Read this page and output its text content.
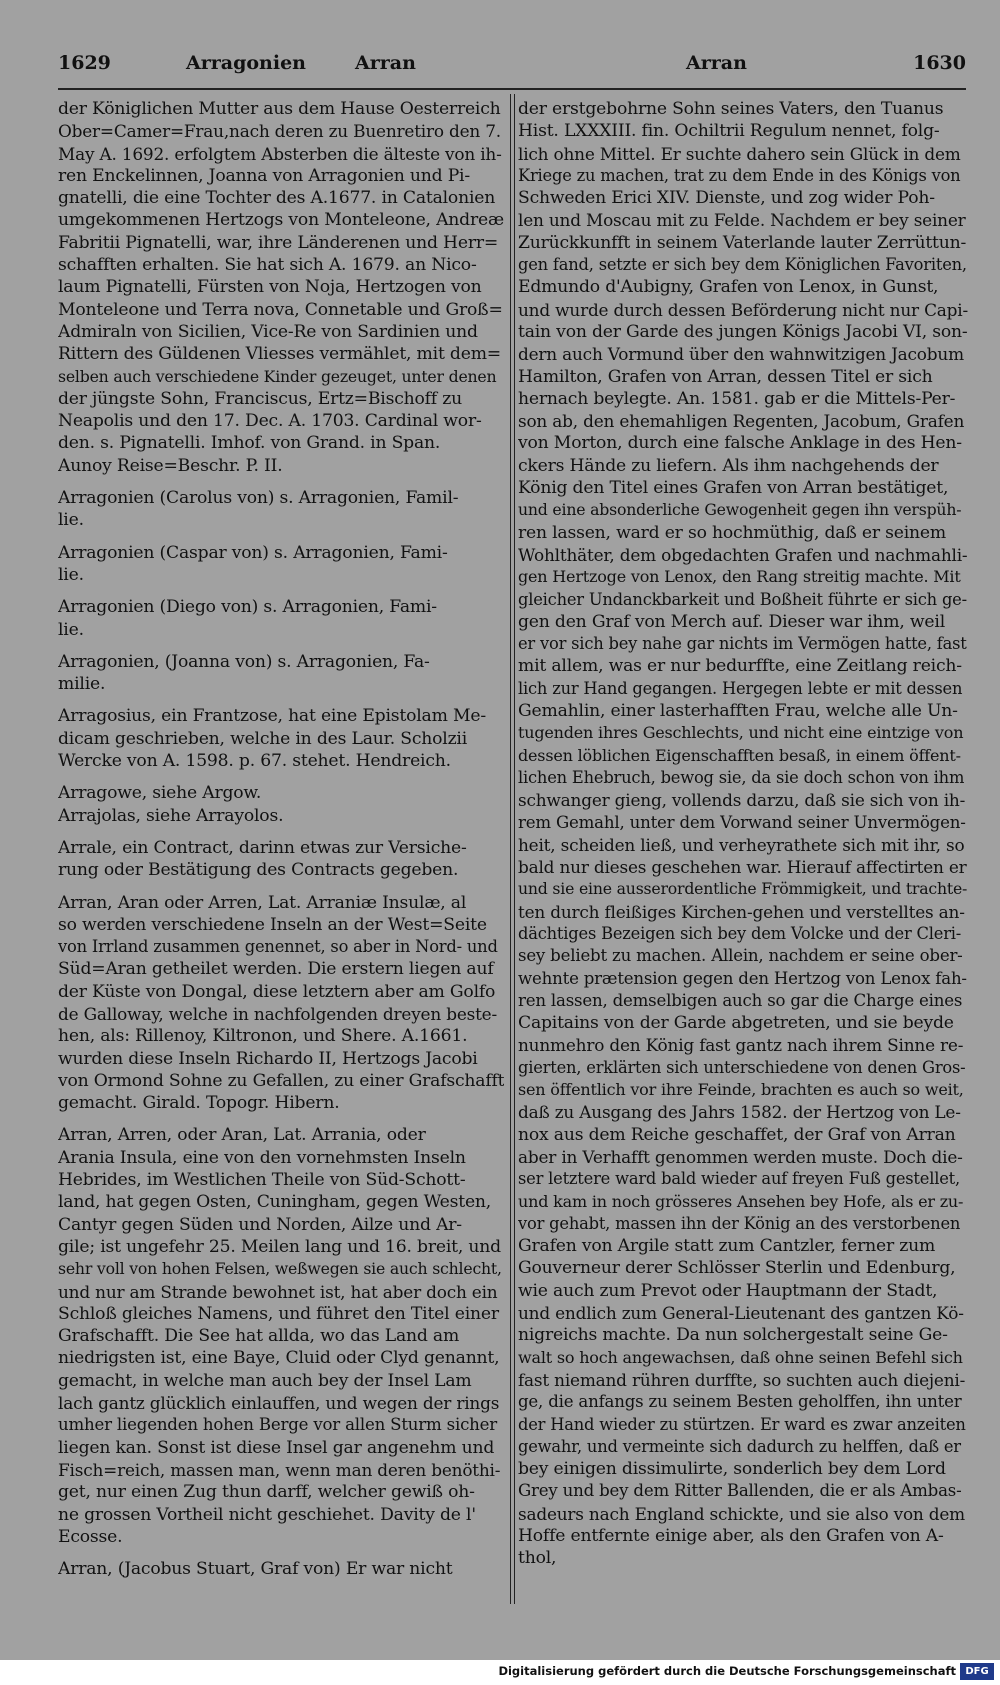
1629	Arragonien	Arran	Arran	1630
der Königlichen Mutter aus dem Hause Oesterreich
Ober=Camer=Frau,nach deren zu Buenretiro den 7.
May A. 1692. erfolgtem Absterben die älteste von ih-
ren Enckelinnen, Joanna von Arragonien und Pi-
gnatelli, die eine Tochter des A.1677. in Catalonien
umgekommenen Hertzogs von Monteleone, Andreæ
Fabritii Pignatelli, war, ihre Länderenen und Herr=
schafften erhalten. Sie hat sich A. 1679. an Nico-
laum Pignatelli, Fürsten von Noja, Hertzogen von
Monteleone und Terra nova, Connetable und Groß=
Admiraln von Sicilien, Vice-Re von Sardinien und
Rittern des Güldenen Vliesses vermählet, mit dem=
selben auch verschiedene Kinder gezeuget, unter denen
der jüngste Sohn, Franciscus, Ertz=Bischoff zu
Neapolis und den 17. Dec. A. 1703. Cardinal wor-
den. s. Pignatelli. Imhof. von Grand. in Span.
Aunoy Reise=Beschr. P. II.
Arragonien (Carolus von) s. Arragonien, Famil-
lie.
Arragonien (Caspar von) s. Arragonien, Fami-
lie.
Arragonien (Diego von) s. Arragonien, Fami-
lie.
Arragonien, (Joanna von) s. Arragonien, Fa-
milie.
Arragosius, ein Frantzose, hat eine Epistolam Me-
dicam geschrieben, welche in des Laur. Scholzii
Wercke von A. 1598. p. 67. stehet. Hendreich.
Arragowe, siehe Argow.
Arrajolas, siehe Arrayolos.
Arrale, ein Contract, darinn etwas zur Versiche-
rung oder Bestätigung des Contracts gegeben.
Arran, Aran oder Arren, Lat. Arraniæ Insulæ, al
so werden verschiedene Inseln an der West=Seite
von Irrland zusammen genennet, so aber in Nord- und
Süd=Aran getheilet werden. Die erstern liegen auf
der Küste von Dongal, diese letztern aber am Golfo
de Galloway, welche in nachfolgenden dreyen beste-
hen, als: Rillenoy, Kiltronon, und Shere. A.1661.
wurden diese Inseln Richardo II, Hertzogs Jacobi
von Ormond Sohne zu Gefallen, zu einer Grafschafft
gemacht. Girald. Topogr. Hibern.
Arran, Arren, oder Aran, Lat. Arrania, oder
Arania Insula, eine von den vornehmsten Inseln
Hebrides, im Westlichen Theile von Süd-Schott-
land, hat gegen Osten, Cuningham, gegen Westen,
Cantyr gegen Süden und Norden, Ailze und Ar-
gile; ist ungefehr 25. Meilen lang und 16. breit, und
sehr voll von hohen Felsen, weßwegen sie auch schlecht,
und nur am Strande bewohnet ist, hat aber doch ein
Schloß gleiches Namens, und führet den Titel einer
Grafschafft. Die See hat allda, wo das Land am
niedrigsten ist, eine Baye, Cluid oder Clyd genannt,
gemacht, in welche man auch bey der Insel Lam
lach gantz glücklich einlauffen, und wegen der rings
umher liegenden hohen Berge vor allen Sturm sicher
liegen kan. Sonst ist diese Insel gar angenehm und
Fisch=reich, massen man, wenn man deren benöthi-
get, nur einen Zug thun darff, welcher gewiß oh-
ne grossen Vortheil nicht geschiehet. Davity de l'
Ecosse.
Arran, (Jacobus Stuart, Graf von) Er war nicht
der erstgebohrne Sohn seines Vaters, den Tuanus
Hist. LXXXIII. fin. Ochiltrii Regulum nennet, folg-
lich ohne Mittel. Er suchte dahero sein Glück in dem
Kriege zu machen, trat zu dem Ende in des Königs von
Schweden Erici XIV. Dienste, und zog wider Poh-
len und Moscau mit zu Felde. Nachdem er bey seiner
Zurückkunfft in seinem Vaterlande lauter Zerrüttun-
gen fand, setzte er sich bey dem Königlichen Favoriten,
Edmundo d'Aubigny, Grafen von Lenox, in Gunst,
und wurde durch dessen Beförderung nicht nur Capi-
tain von der Garde des jungen Königs Jacobi VI, son-
dern auch Vormund über den wahnwitzigen Jacobum
Hamilton, Grafen von Arran, dessen Titel er sich
hernach beylegte. An. 1581. gab er die Mittels-Per-
son ab, den ehemahligen Regenten, Jacobum, Grafen
von Morton, durch eine falsche Anklage in des Hen-
ckers Hände zu liefern. Als ihm nachgehends der
König den Titel eines Grafen von Arran bestätiget,
und eine absonderliche Gewogenheit gegen ihn verspüh-
ren lassen, ward er so hochmüthig, daß er seinem
Wohlthäter, dem obgedachten Grafen und nachmahli-
gen Hertzoge von Lenox, den Rang streitig machte. Mit
gleicher Undanckbarkeit und Boßheit führte er sich ge-
gen den Graf von Merch auf. Dieser war ihm, weil
er vor sich bey nahe gar nichts im Vermögen hatte, fast
mit allem, was er nur bedurffte, eine Zeitlang reich-
lich zur Hand gegangen. Hergegen lebte er mit dessen
Gemahlin, einer lasterhafften Frau, welche alle Un-
tugenden ihres Geschlechts, und nicht eine eintzige von
dessen löblichen Eigenschafften besaß, in einem öffent-
lichen Ehebruch, bewog sie, da sie doch schon von ihm
schwanger gieng, vollends darzu, daß sie sich von ih-
rem Gemahl, unter dem Vorwand seiner Unvermögen-
heit, scheiden ließ, und verheyrathete sich mit ihr, so
bald nur dieses geschehen war. Hierauf affectirten er
und sie eine ausserordentliche Frömmigkeit, und trachte-
ten durch fleißiges Kirchen-gehen und verstelltes an-
dächtiges Bezeigen sich bey dem Volcke und der Cleri-
sey beliebt zu machen. Allein, nachdem er seine ober-
wehnte prætension gegen den Hertzog von Lenox fah-
ren lassen, demselbigen auch so gar die Charge eines
Capitains von der Garde abgetreten, und sie beyde
nunmehro den König fast gantz nach ihrem Sinne re-
gierten, erklärten sich unterschiedene von denen Gros-
sen öffentlich vor ihre Feinde, brachten es auch so weit,
daß zu Ausgang des Jahrs 1582. der Hertzog von Le-
nox aus dem Reiche geschaffet, der Graf von Arran
aber in Verhafft genommen werden muste. Doch die-
ser letztere ward bald wieder auf freyen Fuß gestellet,
und kam in noch grösseres Ansehen bey Hofe, als er zu-
vor gehabt, massen ihn der König an des verstorbenen
Grafen von Argile statt zum Cantzler, ferner zum
Gouverneur derer Schlösser Sterlin und Edenburg,
wie auch zum Prevot oder Hauptmann der Stadt,
und endlich zum General-Lieutenant des gantzen Kö-
nigreichs machte. Da nun solchergestalt seine Ge-
walt so hoch angewachsen, daß ohne seinen Befehl sich
fast niemand rühren durffte, so suchten auch diejeni-
ge, die anfangs zu seinem Besten geholffen, ihn unter
der Hand wieder zu stürtzen. Er ward es zwar anzeiten
gewahr, und vermeinte sich dadurch zu helffen, daß er
bey einigen dissimulirte, sonderlich bey dem Lord
Grey und bey dem Ritter Ballenden, die er als Ambas-
sadeurs nach England schickte, und sie also von dem
Hoffe entfernte einige aber, als den Grafen von A-
thol,
Digitalisierung gefördert durch die Deutsche Forschungsgemeinschaft DFG
